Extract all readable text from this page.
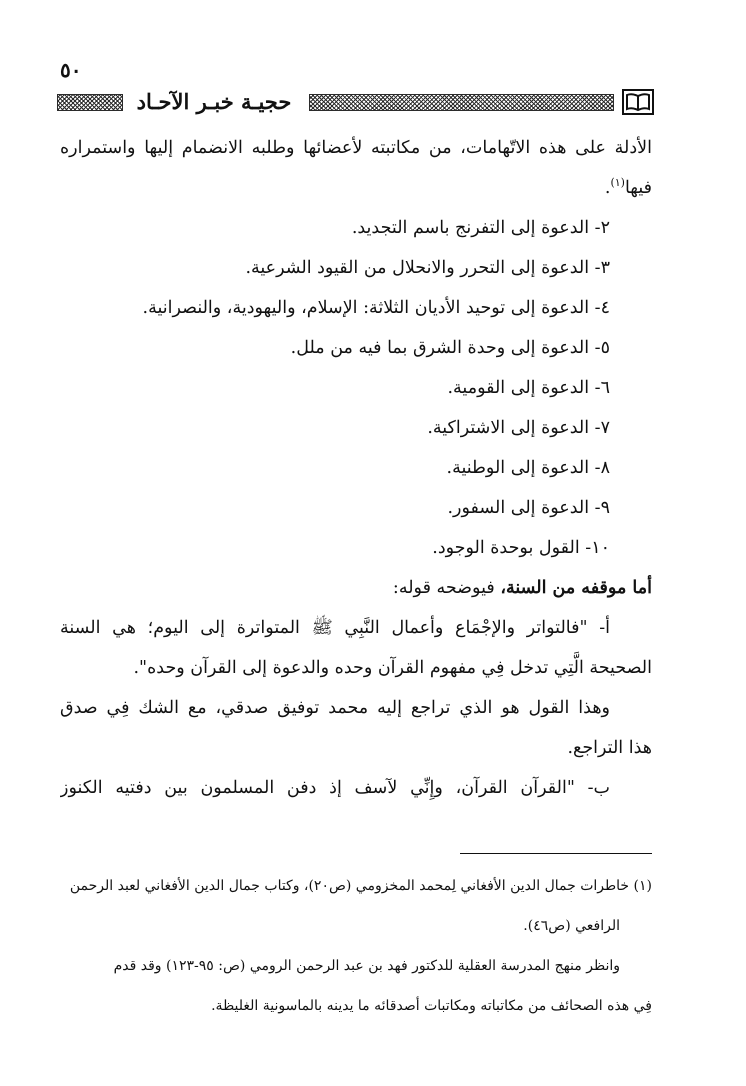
٥٠
حجيـة خبـر الآحـاد
الأدلة على هذه الاتّهامات، من مكاتبته لأعضائها وطلبه الانضمام إليها واستمراره
فيها$^{(١)}$.
٢- الدعوة إلى التفرنج باسم التجديد.
٣- الدعوة إلى التحرر والانحلال من القيود الشرعية.
٤- الدعوة إلى توحيد الأديان الثلاثة: الإسلام، واليهودية، والنصرانية.
٥- الدعوة إلى وحدة الشرق بما فيه من ملل.
٦- الدعوة إلى القومية.
٧- الدعوة إلى الاشتراكية.
٨- الدعوة إلى الوطنية.
٩- الدعوة إلى السفور.
١٠- القول بوحدة الوجود.
أما موقفه من السنة، فيوضحه قوله:
أ- "فالتواتر والإجْمَاع وأعمال النَّبِي ﷺ المتواترة إلى اليوم؛ هي السنة
الصحيحة الَّتِي تدخل فِي مفهوم القرآن وحده والدعوة إلى القرآن وحده".
وهذا القول هو الذي تراجع إليه محمد توفيق صدقي، مع الشك فِي صدق
هذا التراجع.
ب- "القرآن القرآن، وإِنِّي لآسف إذ دفن المسلمون بين دفتيه الكنوز
(١) خاطرات جمال الدين الأفغاني لِمحمد المخزومي (ص٢٠)، وكتاب جمال الدين الأفغاني لعبد الرحمن
الرافعي (ص٤٦).
وانظر منهج المدرسة العقلية للدكتور فهد بن عبد الرحمن الرومي (ص: ٩٥-١٢٣) وقد قدم
فِي هذه الصحائف من مكاتباته ومكاتبات أصدقائه ما يدينه بالماسونية الغليظة.
